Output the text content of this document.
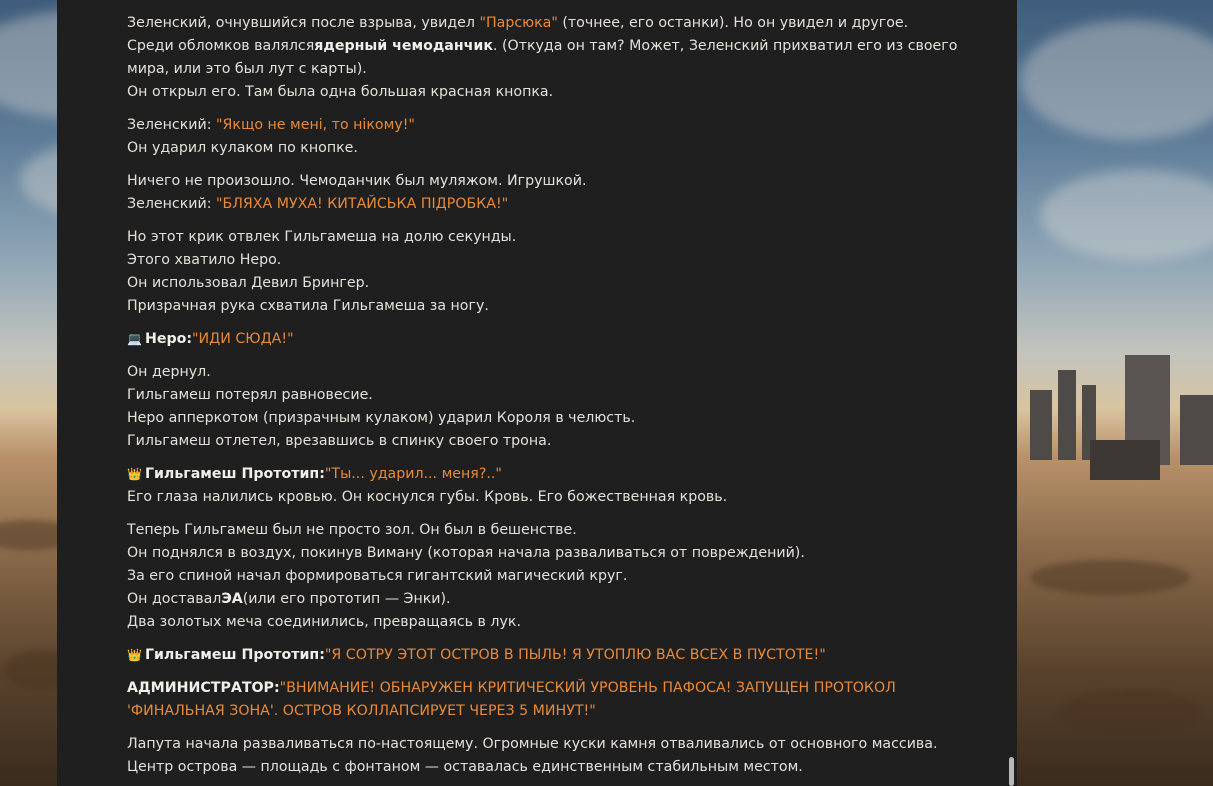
Зеленский, очнувшийся после взрыва, увидел "Парсюка" (точнее, его останки). Но он увидел и другое.
Среди обломков валялсяядерный чемоданчик. (Откуда он там? Может, Зеленский прихватил его из своего
мира, или это был лут с карты).
Он открыл его. Там была одна большая красная кнопка.
Зеленский: "Якщо не мені, то нікому!"
Он ударил кулаком по кнопке.
Ничего не произошло. Чемоданчик был муляжом. Игрушкой.
Зеленский: "БЛЯХА МУХА! КИТАЙСЬКА ПІДРОБКА!"
Но этот крик отвлек Гильгамеша на долю секунды.
Этого хватило Неро.
Он использовал Девил Брингер.
Призрачная рука схватила Гильгамеша за ногу.
💻 Неро:"ИДИ СЮДА!"
Он дернул.
Гильгамеш потерял равновесие.
Неро апперкотом (призрачным кулаком) ударил Короля в челюсть.
Гильгамеш отлетел, врезавшись в спинку своего трона.
👑 Гильгамеш Прототип:"Ты... ударил... меня?.."
Его глаза налились кровью. Он коснулся губы. Кровь. Его божественная кровь.
Теперь Гильгамеш был не просто зол. Он был в бешенстве.
Он поднялся в воздух, покинув Виману (которая начала разваливаться от повреждений).
За его спиной начал формироваться гигантский магический круг.
Он доставалЭА(или его прототип — Энки).
Два золотых меча соединились, превращаясь в лук.
👑 Гильгамеш Прототип:"Я СОТРУ ЭТОТ ОСТРОВ В ПЫЛЬ! Я УТОПЛЮ ВАС ВСЕХ В ПУСТОТЕ!"
АДМИНИСТРАТОР:"ВНИМАНИЕ! ОБНАРУЖЕН КРИТИЧЕСКИЙ УРОВЕНЬ ПАФОСА! ЗАПУЩЕН ПРОТОКОЛ
'ФИНАЛЬНАЯ ЗОНА'. ОСТРОВ КОЛЛАПСИРУЕТ ЧЕРЕЗ 5 МИНУТ!"
Лапута начала разваливаться по-настоящему. Огромные куски камня отваливались от основного массива.
Центр острова — площадь с фонтаном — оставалась единственным стабильным местом.
